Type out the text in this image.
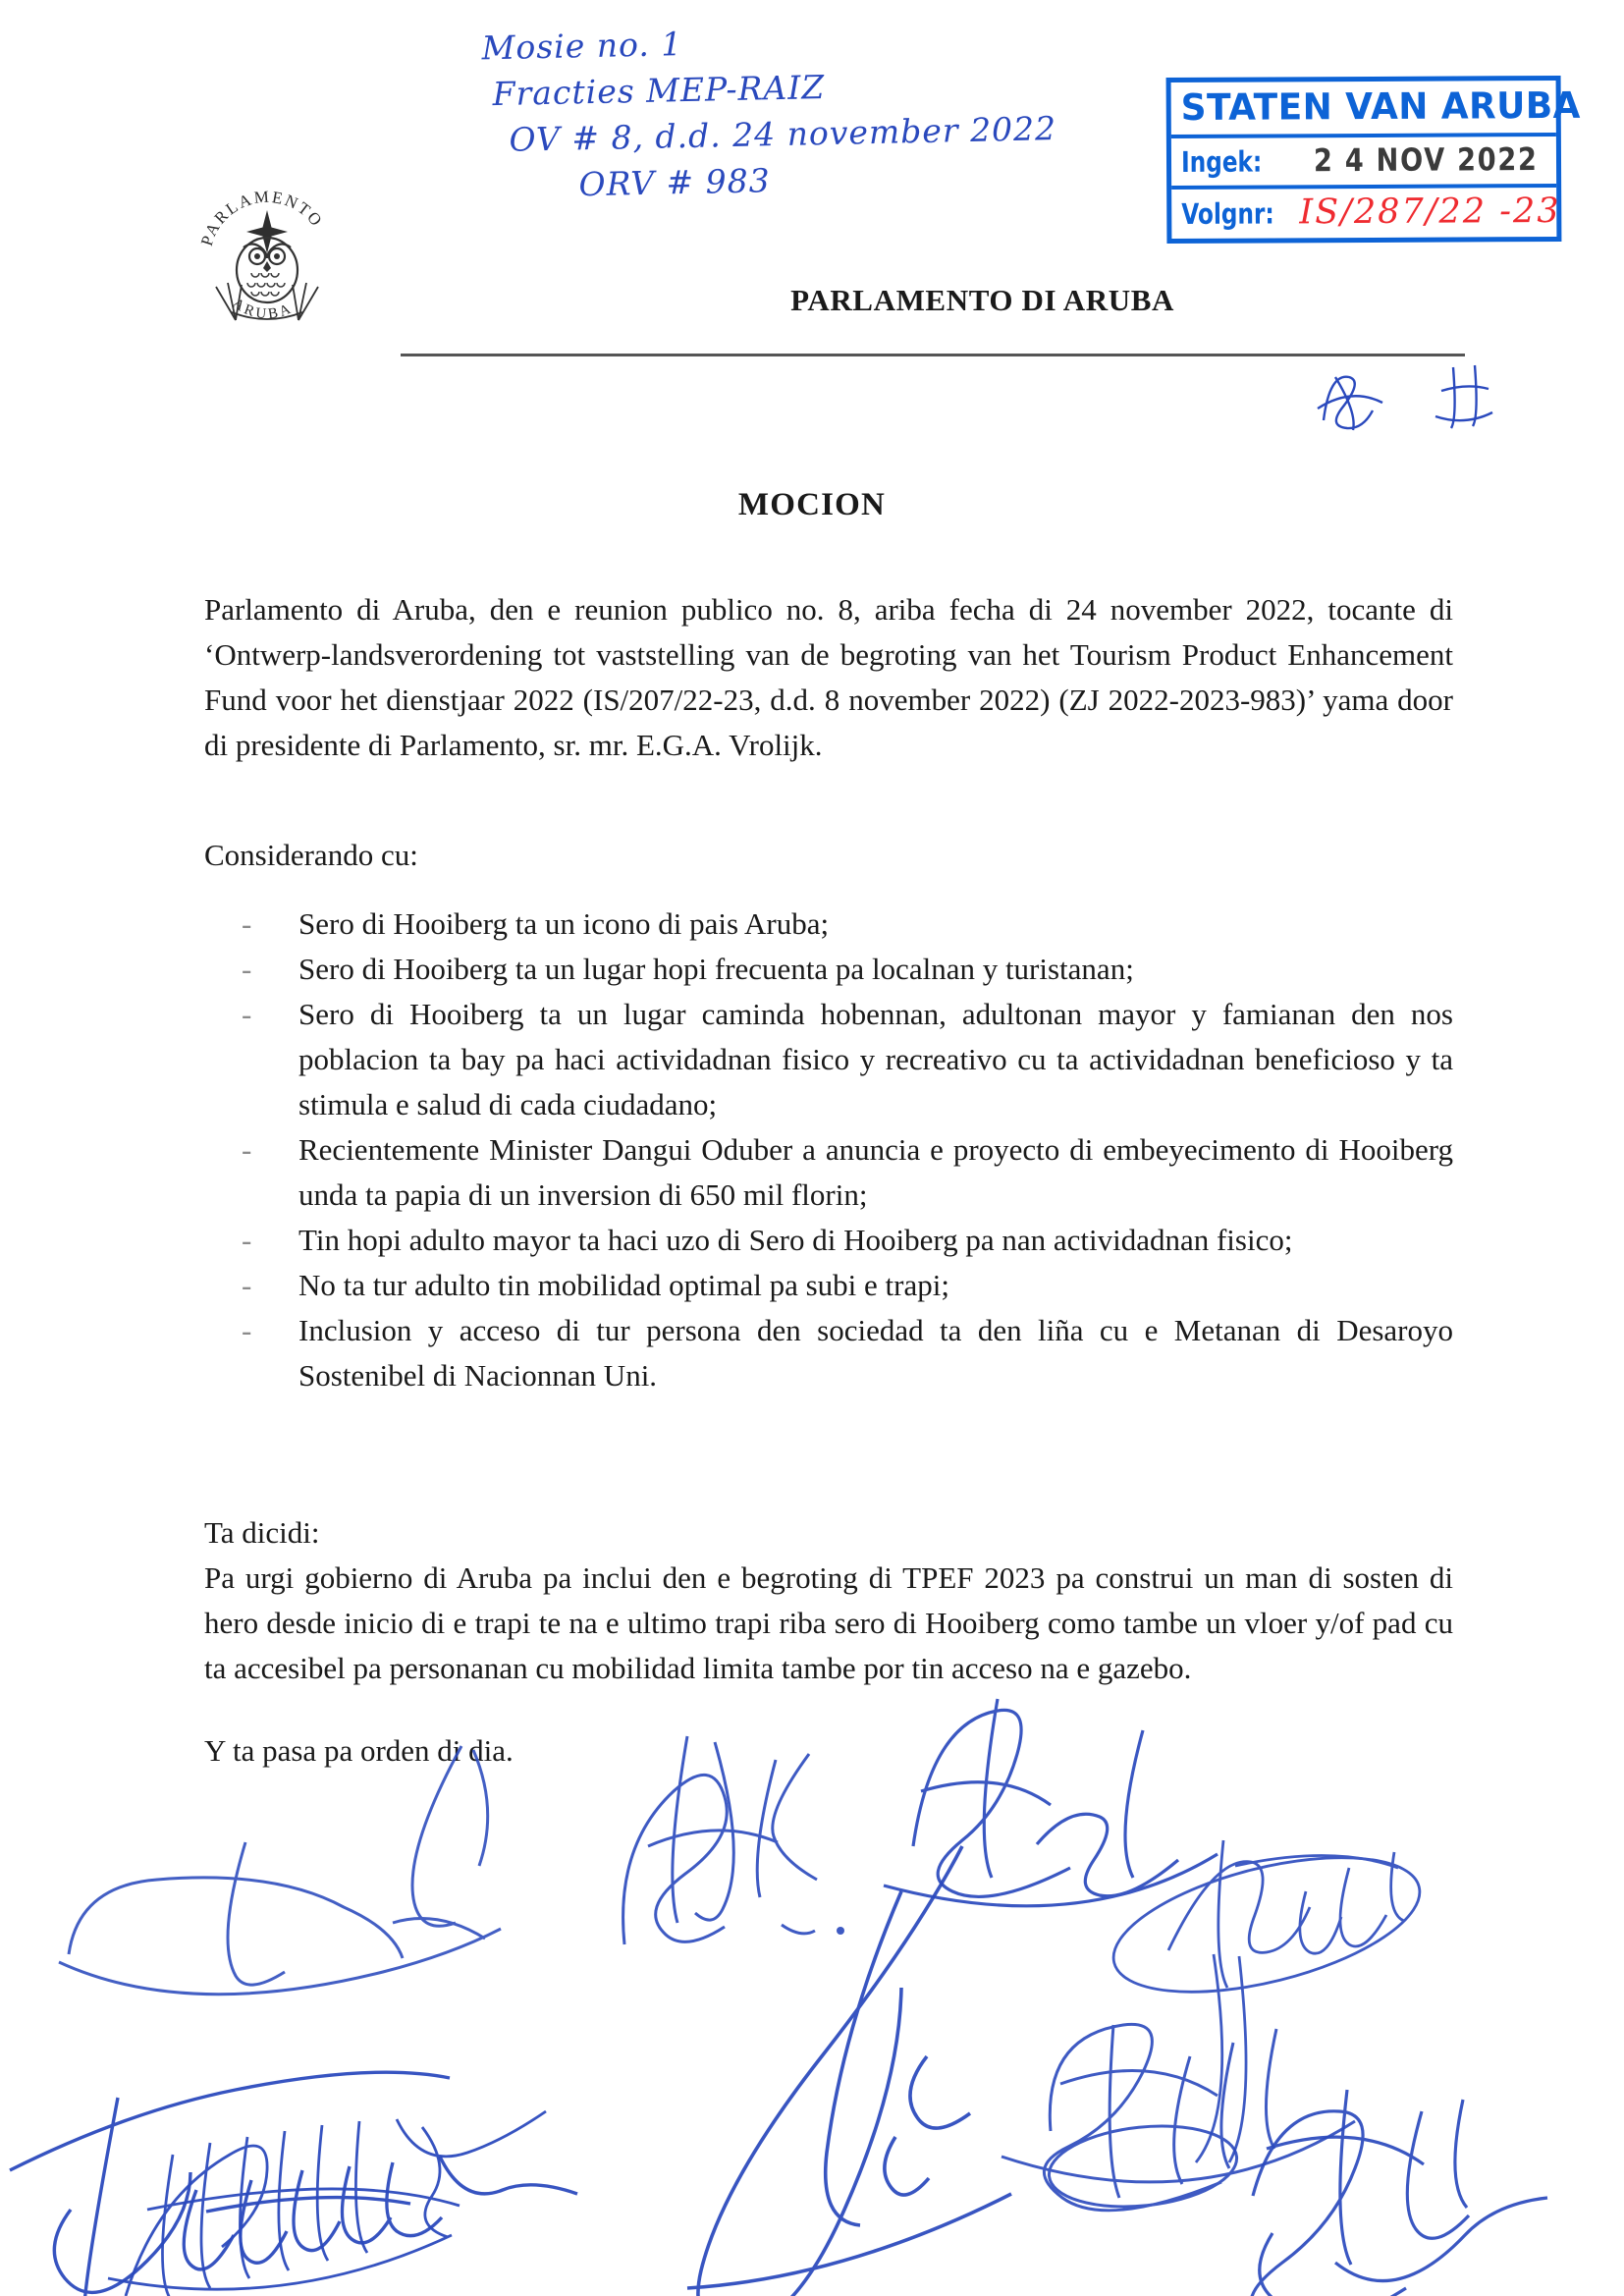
Mosie no. 1
Fracties MEP-RAIZ
OV # 8, d.d. 24 november 2022
ORV # 983
STATEN VAN ARUBA
Ingek: 2 4 NOV 2022
Volgnr: IS/287/22 -23
PARLAMENTO
ARUBA	PARLAMENTO DI ARUBA
MOCION
Parlamento di Aruba, den e reunion publico no. 8, ariba fecha di 24 november 2022, tocante di ‘Ontwerp-landsverordening tot vaststelling van de begroting van het Tourism Product Enhancement Fund voor het dienstjaar 2022 (IS/207/22-23, d.d. 8 november 2022) (ZJ 2022-2023-983)’ yama door di presidente di Parlamento, sr. mr. E.G.A. Vrolijk.
Considerando cu:
- Sero di Hooiberg ta un icono di pais Aruba;
- Sero di Hooiberg ta un lugar hopi frecuenta pa localnan y turistanan;
- Sero di Hooiberg ta un lugar caminda hobennan, adultonan mayor y famianan den nos poblacion ta bay pa haci actividadnan fisico y recreativo cu ta actividadnan beneficioso y ta stimula e salud di cada ciudadano;
- Recientemente Minister Dangui Oduber a anuncia e proyecto di embeyecimento di Hooiberg unda ta papia di un inversion di 650 mil florin;
- Tin hopi adulto mayor ta haci uzo di Sero di Hooiberg pa nan actividadnan fisico;
- No ta tur adulto tin mobilidad optimal pa subi e trapi;
- Inclusion y acceso di tur persona den sociedad ta den liña cu e Metanan di Desaroyo Sostenibel di Nacionnan Uni.
Ta dicidi:
Pa urgi gobierno di Aruba pa inclui den e begroting di TPEF 2023 pa construi un man di sosten di hero desde inicio di e trapi te na e ultimo trapi riba sero di Hooiberg como tambe un vloer y/of pad cu ta accesibel pa personanan cu mobilidad limita tambe por tin acceso na e gazebo.
Y ta pasa pa orden di dia.
